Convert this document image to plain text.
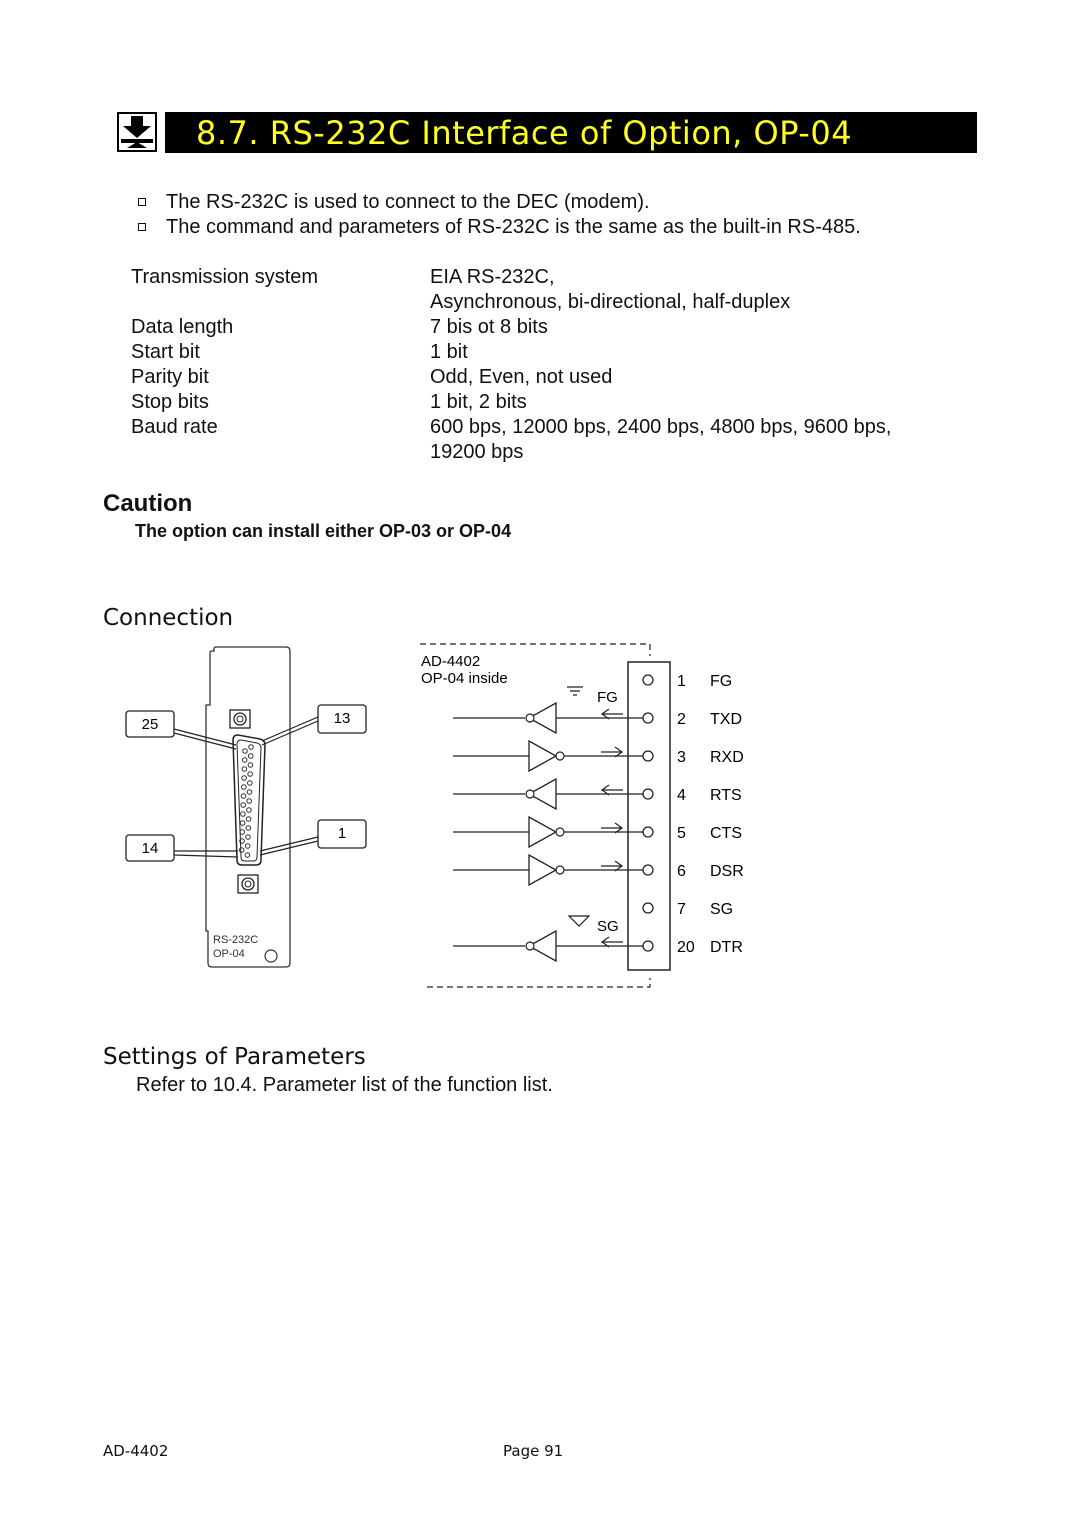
8.7. RS-232C Interface of Option, OP-04
The RS-232C is used to connect to the DEC (modem).
The command and parameters of RS-232C is the same as the built-in RS-485.
Transmission system	EIA RS-232C,
Asynchronous, bi-directional, half-duplex
Data length	7 bis ot 8 bits
Start bit	1 bit
Parity bit	Odd, Even, not used
Stop bits	1 bit, 2 bits
Baud rate	600 bps, 12000 bps, 2400 bps, 4800 bps, 9600 bps,
19200 bps
Caution
The option can install either OP-03 or OP-04
Connection
25	13
14
1
RS-232C
OP-04
AD-4402
OP-04 inside
FG
SG
1 FG
2 TXD
3 RXD
4 RTS
5 CTS
6 DSR
7 SG
20 DTR
Settings of Parameters
Refer to 10.4. Parameter list of the function list.
AD-4402	Page 91
